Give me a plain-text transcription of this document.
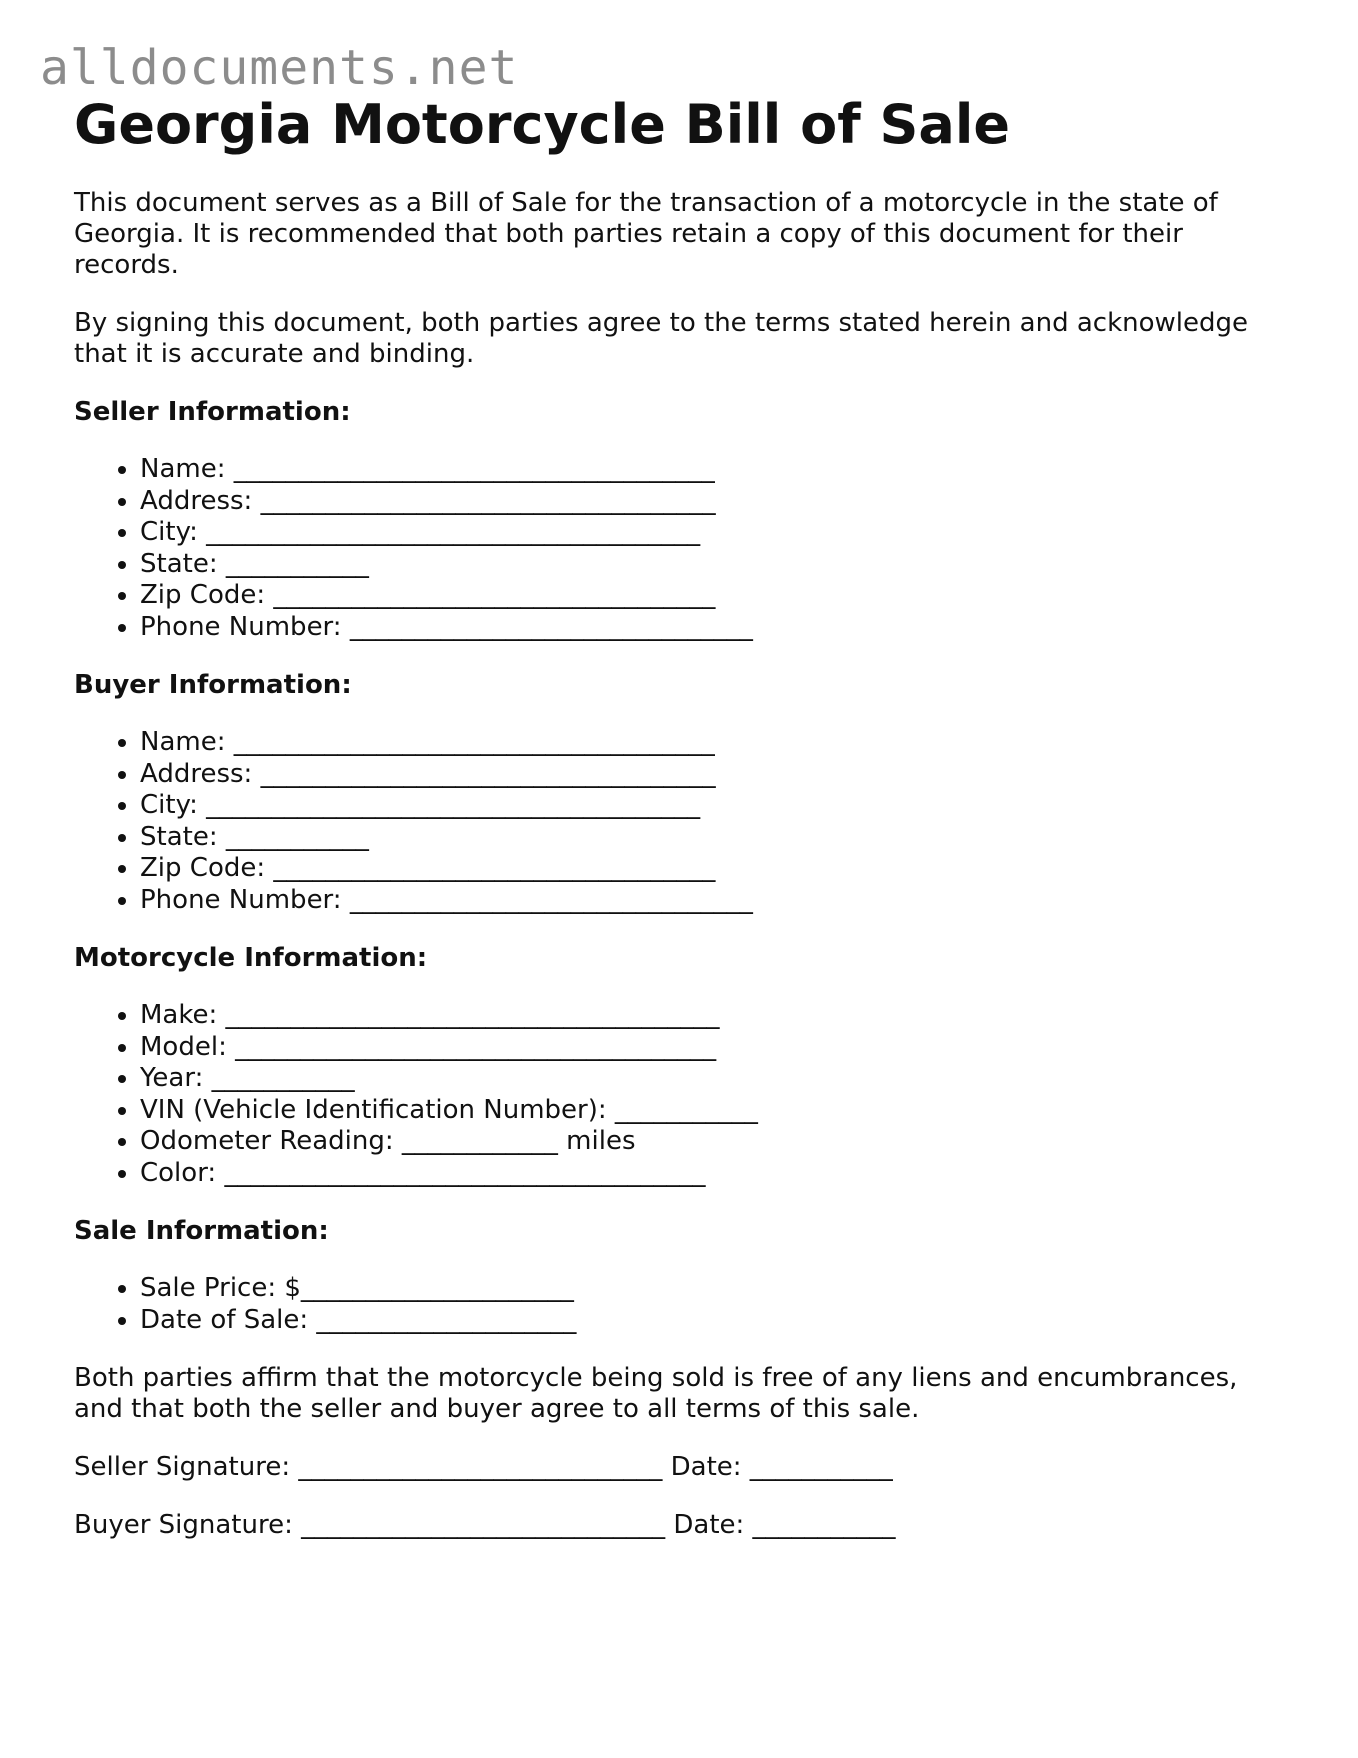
alldocuments.net
Georgia Motorcycle Bill of Sale

This document serves as a Bill of Sale for the transaction of a motorcycle in the state of Georgia. It is recommended that both parties retain a copy of this document for their records.

By signing this document, both parties agree to the terms stated herein and acknowledge that it is accurate and binding.

Seller Information:
• Name: _____________________________________
• Address: ___________________________________
• City: ______________________________________
• State: ___________
• Zip Code: __________________________________
• Phone Number: _______________________________
Buyer Information:
• Name: _____________________________________
• Address: ___________________________________
• City: ______________________________________
• State: ___________
• Zip Code: __________________________________
• Phone Number: _______________________________
Motorcycle Information:
• Make: ______________________________________
• Model: _____________________________________
• Year: ___________
• VIN (Vehicle Identification Number): ___________
• Odometer Reading: ____________ miles
• Color: _____________________________________
Sale Information:
• Sale Price: $_____________________
• Date of Sale: ____________________

Both parties affirm that the motorcycle being sold is free of any liens and encumbrances, and that both the seller and buyer agree to all terms of this sale.

Seller Signature: ____________________________ Date: ___________

Buyer Signature: ____________________________ Date: ___________
